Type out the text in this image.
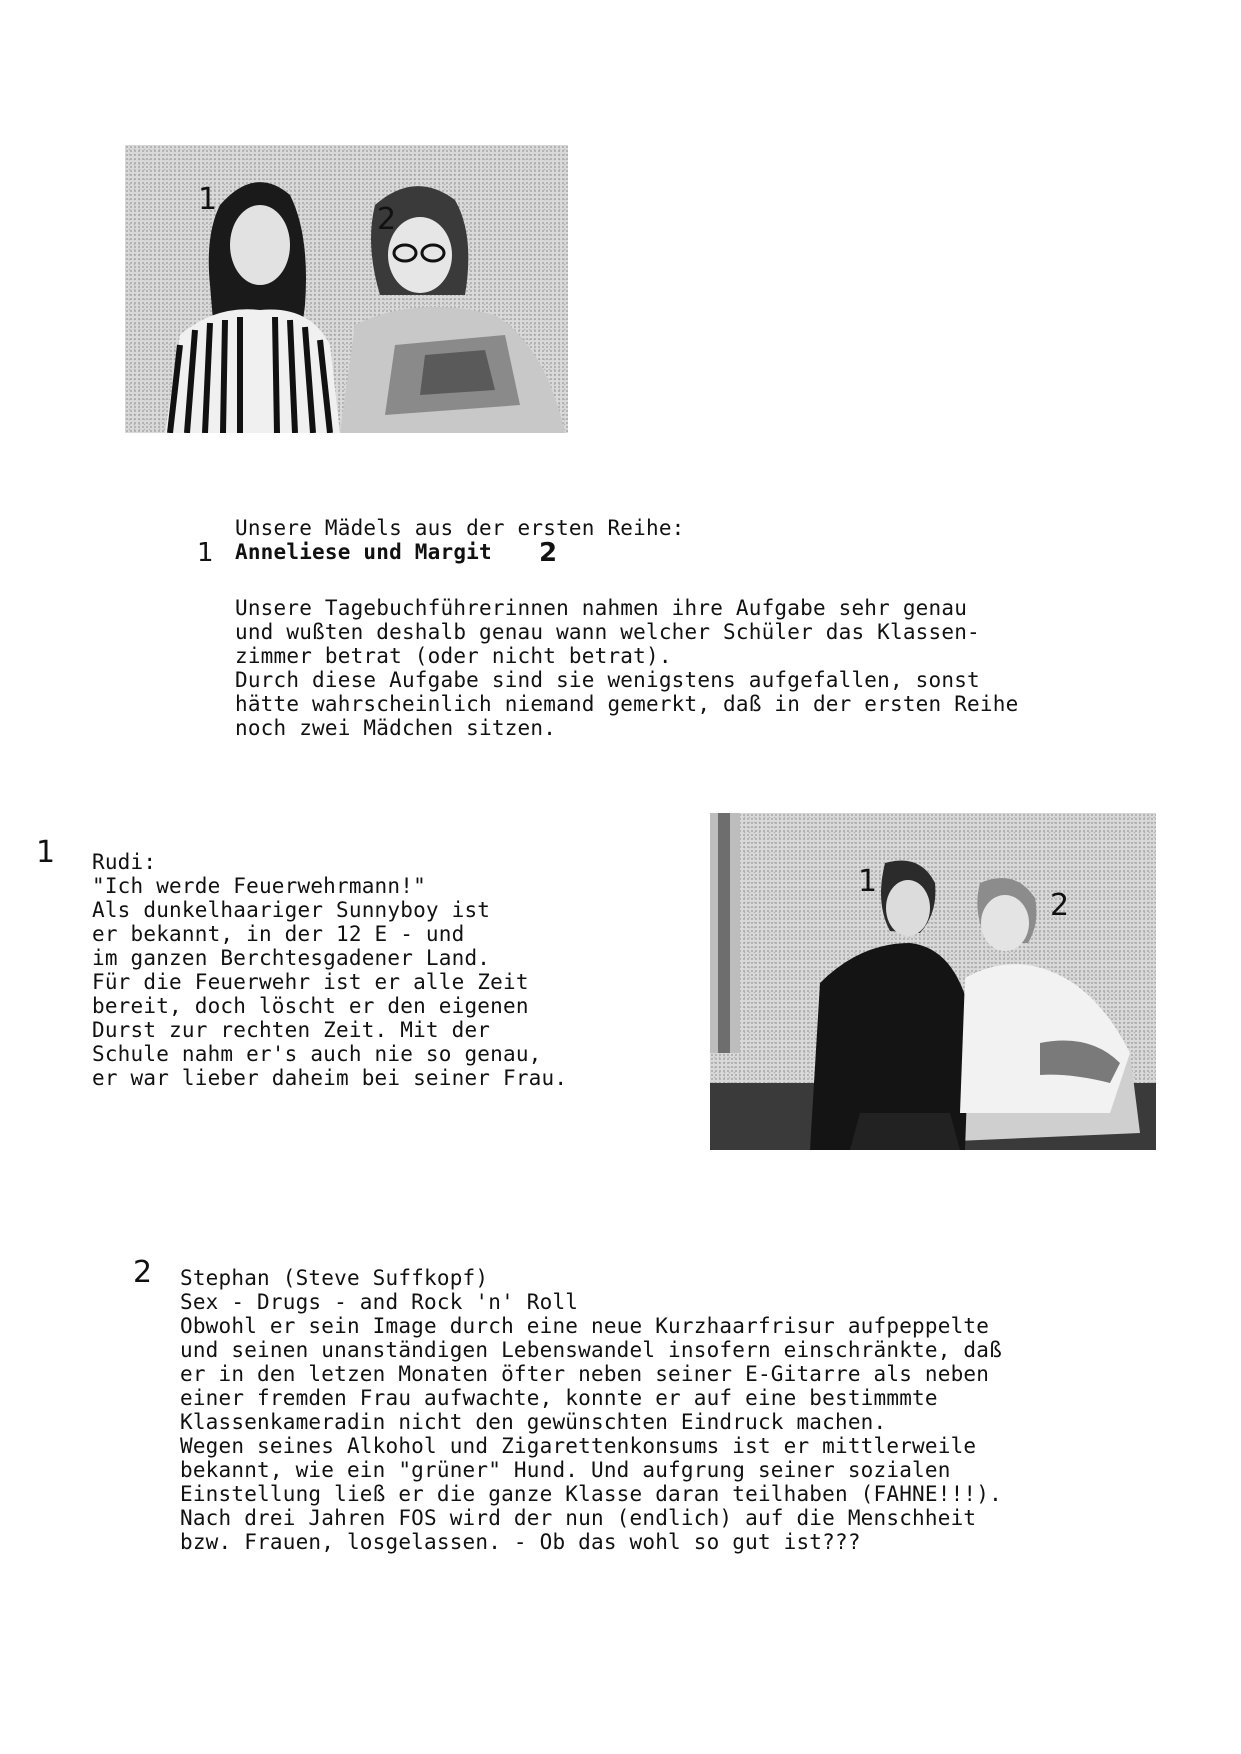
1
2
1
Unsere Mädels aus der ersten Reihe:
Anneliese und Margit 2
Unsere Tagebuchführerinnen nahmen ihre Aufgabe sehr genau
und wußten deshalb genau wann welcher Schüler das Klassen-
zimmer betrat (oder nicht betrat).
Durch diese Aufgabe sind sie wenigstens aufgefallen, sonst
hätte wahrscheinlich niemand gemerkt, daß in der ersten Reihe
noch zwei Mädchen sitzen.
1 Rudi:
"Ich werde Feuerwehrmann!"
Als dunkelhaariger Sunnyboy ist
er bekannt, in der 12 E - und
im ganzen Berchtesgadener Land.
Für die Feuerwehr ist er alle Zeit
bereit, doch löscht er den eigenen
Durst zur rechten Zeit. Mit der
Schule nahm er's auch nie so genau,
er war lieber daheim bei seiner Frau.
1
2
2 Stephan (Steve Suffkopf)
Sex - Drugs - and Rock 'n' Roll
Obwohl er sein Image durch eine neue Kurzhaarfrisur aufpeppelte
und seinen unanständigen Lebenswandel insofern einschränkte, daß
er in den letzen Monaten öfter neben seiner E-Gitarre als neben
einer fremden Frau aufwachte, konnte er auf eine bestimmmte
Klassenkameradin nicht den gewünschten Eindruck machen.
Wegen seines Alkohol und Zigarettenkonsums ist er mittlerweile
bekannt, wie ein "grüner" Hund. Und aufgrung seiner sozialen
Einstellung ließ er die ganze Klasse daran teilhaben (FAHNE!!!).
Nach drei Jahren FOS wird der nun (endlich) auf die Menschheit
bzw. Frauen, losgelassen. - Ob das wohl so gut ist???
